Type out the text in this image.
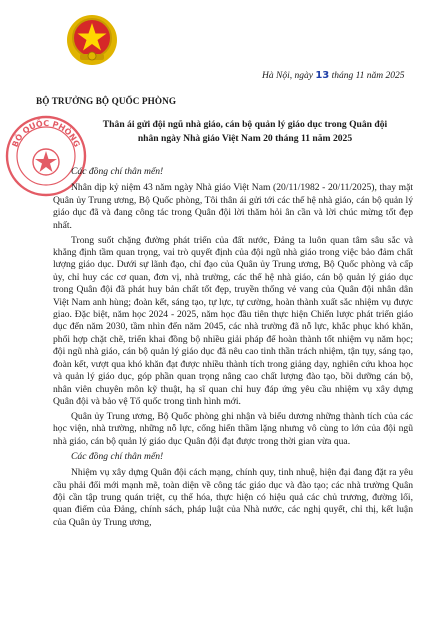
BỘ QUỐC PHÒNG
Hà Nội, ngày 13 tháng 11 năm 2025
BỘ TRƯỞNG BỘ QUỐC PHÒNG
Thân ái gửi đội ngũ nhà giáo, cán bộ quản lý giáo dục trong Quân đội
nhân ngày Nhà giáo Việt Nam 20 tháng 11 năm 2025

Các đồng chí thân mến!

Nhân dịp kỷ niệm 43 năm ngày Nhà giáo Việt Nam (20/11/1982 - 20/11/2025), thay mặt Quân ủy Trung ương, Bộ Quốc phòng, Tôi thân ái gửi tới các thế hệ nhà giáo, cán bộ quản lý giáo dục đã và đang công tác trong Quân đội lời thăm hỏi ân cần và lời chúc mừng tốt đẹp nhất.

Trong suốt chặng đường phát triển của đất nước, Đảng ta luôn quan tâm sâu sắc và khẳng định tầm quan trọng, vai trò quyết định của đội ngũ nhà giáo trong việc bảo đảm chất lượng giáo dục. Dưới sự lãnh đạo, chỉ đạo của Quân ủy Trung ương, Bộ Quốc phòng và cấp ủy, chỉ huy các cơ quan, đơn vị, nhà trường, các thế hệ nhà giáo, cán bộ quản lý giáo dục trong Quân đội đã phát huy bản chất tốt đẹp, truyền thống vẻ vang của Quân đội nhân dân Việt Nam anh hùng; đoàn kết, sáng tạo, tự lực, tự cường, hoàn thành xuất sắc nhiệm vụ được giao. Đặc biệt, năm học 2024 - 2025, năm học đầu tiên thực hiện Chiến lược phát triển giáo dục đến năm 2030, tầm nhìn đến năm 2045, các nhà trường đã nỗ lực, khắc phục khó khăn, phối hợp chặt chẽ, triển khai đồng bộ nhiều giải pháp để hoàn thành tốt nhiệm vụ năm học; đội ngũ nhà giáo, cán bộ quản lý giáo dục đã nêu cao tinh thần trách nhiệm, tận tụy, sáng tạo, đoàn kết, vượt qua khó khăn đạt được nhiều thành tích trong giảng dạy, nghiên cứu khoa học và quản lý giáo dục, góp phần quan trọng nâng cao chất lượng đào tạo, bồi dưỡng cán bộ, nhân viên chuyên môn kỹ thuật, hạ sĩ quan chỉ huy đáp ứng yêu cầu nhiệm vụ xây dựng Quân đội và bảo vệ Tổ quốc trong tình hình mới.

Quân ủy Trung ương, Bộ Quốc phòng ghi nhận và biểu dương những thành tích của các học viện, nhà trường, những nỗ lực, cống hiến thầm lặng nhưng vô cùng to lớn của đội ngũ nhà giáo, cán bộ quản lý giáo dục Quân đội đạt được trong thời gian vừa qua.

Các đồng chí thân mến!

Nhiệm vụ xây dựng Quân đội cách mạng, chính quy, tinh nhuệ, hiện đại đang đặt ra yêu cầu phải đổi mới mạnh mẽ, toàn diện về công tác giáo dục và đào tạo; các nhà trường Quân đội cần tập trung quán triệt, cụ thể hóa, thực hiện có hiệu quả các chủ trương, đường lối, quan điểm của Đảng, chính sách, pháp luật của Nhà nước, các nghị quyết, chỉ thị, kết luận của Quân ủy Trung ương,
